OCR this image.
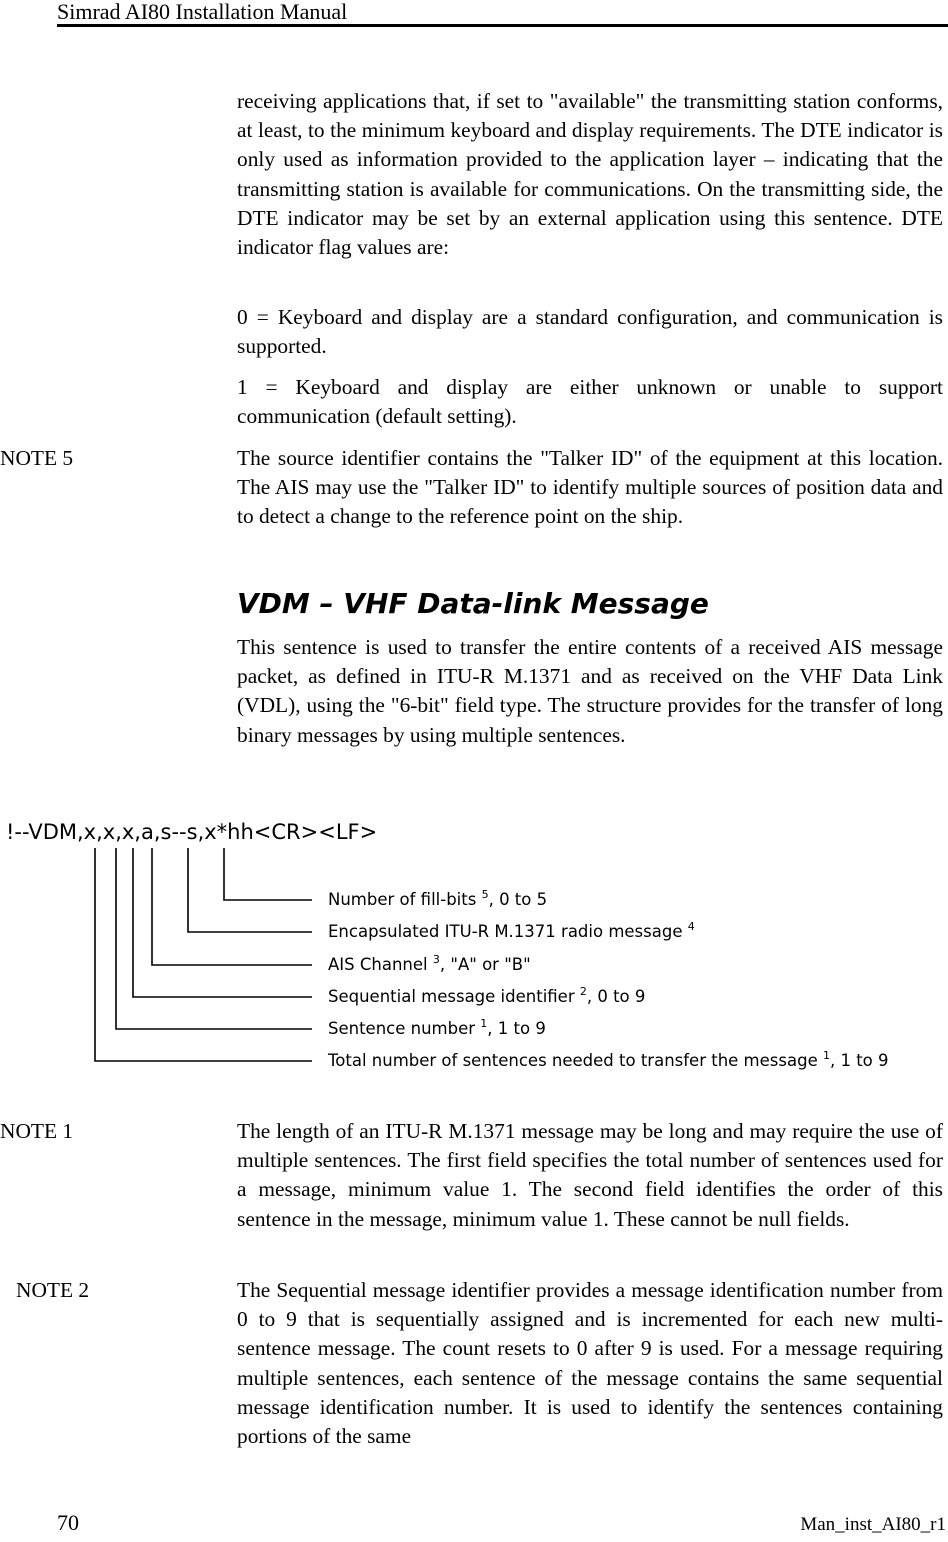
Simrad AI80 Installation Manual

receiving applications that, if set to "available" the transmitting station conforms, at least, to the minimum keyboard and display requirements. The DTE indicator is only used as information provided to the application layer – indicating that the transmitting station is available for communications. On the transmitting side, the DTE indicator may be set by an external application using this sentence. DTE indicator flag values are:

0 = Keyboard and display are a standard configuration, and communication is supported.

1 = Keyboard and display are either unknown or unable to support communication (default setting).

NOTE 5	The source identifier contains the "Talker ID" of the equipment at this location. The AIS may use the "Talker ID" to identify multiple sources of position data and to detect a change to the reference point on the ship.

VDM – VHF Data-link Message

This sentence is used to transfer the entire contents of a received AIS message packet, as defined in ITU-R M.1371 and as received on the VHF Data Link (VDL), using the "6-bit" field type. The structure provides for the transfer of long binary messages by using multiple sentences.

!--VDM,x,x,x,a,s--s,x*hh<CR><LF>
Number of fill-bits $^5$, 0 to 5
Encapsulated ITU-R M.1371 radio message $^4$
AIS Channel $^3$, "A" or "B"
Sequential message identifier $^2$, 0 to 9
Sentence number $^1$, 1 to 9
Total number of sentences needed to transfer the message $^1$, 1 to 9
NOTE 1	The length of an ITU-R M.1371 message may be long and may require the use of multiple sentences. The first field specifies the total number of sentences used for a message, minimum value 1. The second field identifies the order of this sentence in the message, minimum value 1. These cannot be null fields.

NOTE 2	The Sequential message identifier provides a message identification number from 0 to 9 that is sequentially assigned and is incremented for each new multi-sentence message. The count resets to 0 after 9 is used. For a message requiring multiple sentences, each sentence of the message contains the same sequential message identification number. It is used to identify the sentences containing portions of the same

70	Man_inst_AI80_r1
